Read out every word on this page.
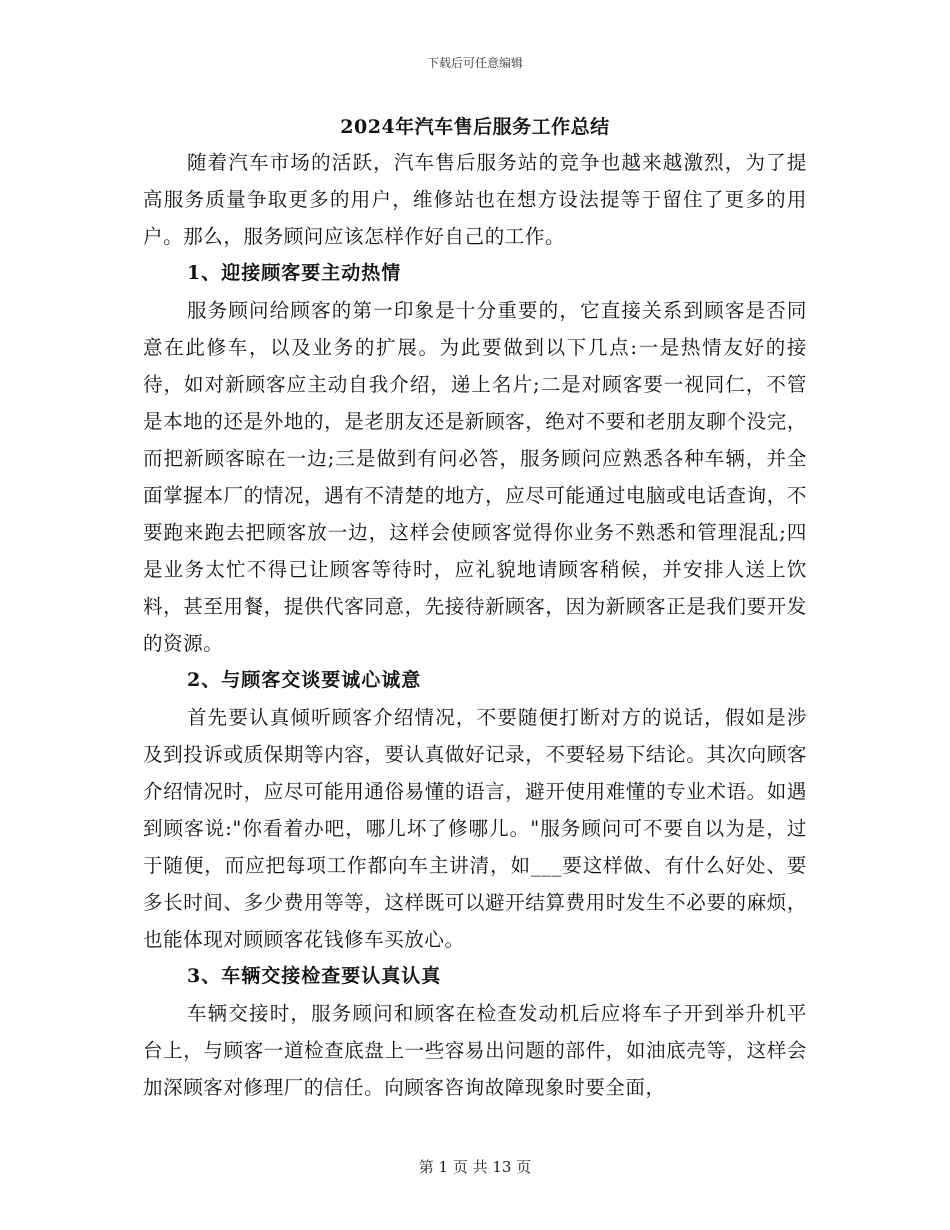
下载后可任意编辑
2024年汽车售后服务工作总结

随着汽车市场的活跃，汽车售后服务站的竞争也越来越激烈，为了提高服务质量争取更多的用户，维修站也在想方设法提等于留住了更多的用户。那么，服务顾问应该怎样作好自己的工作。

1、迎接顾客要主动热情

服务顾问给顾客的第一印象是十分重要的，它直接关系到顾客是否同意在此修车，以及业务的扩展。为此要做到以下几点:一是热情友好的接待，如对新顾客应主动自我介绍，递上名片;二是对顾客要一视同仁，不管是本地的还是外地的，是老朋友还是新顾客，绝对不要和老朋友聊个没完，而把新顾客晾在一边;三是做到有问必答，服务顾问应熟悉各种车辆，并全面掌握本厂的情况，遇有不清楚的地方，应尽可能通过电脑或电话查询，不要跑来跑去把顾客放一边，这样会使顾客觉得你业务不熟悉和管理混乱;四是业务太忙不得已让顾客等待时，应礼貌地请顾客稍候，并安排人送上饮料，甚至用餐，提供代客同意，先接待新顾客，因为新顾客正是我们要开发的资源。

2、与顾客交谈要诚心诚意

首先要认真倾听顾客介绍情况，不要随便打断对方的说话，假如是涉及到投诉或质保期等内容，要认真做好记录，不要轻易下结论。其次向顾客介绍情况时，应尽可能用通俗易懂的语言，避开使用难懂的专业术语。如遇到顾客说:"你看着办吧，哪儿坏了修哪儿。"服务顾问可不要自以为是，过于随便，而应把每项工作都向车主讲清，如___要这样做、有什么好处、要多长时间、多少费用等等，这样既可以避开结算费用时发生不必要的麻烦，也能体现对顾顾客花钱修车买放心。

3、车辆交接检查要认真认真

车辆交接时，服务顾问和顾客在检查发动机后应将车子开到举升机平台上，与顾客一道检查底盘上一些容易出问题的部件，如油底壳等，这样会加深顾客对修理厂的信任。向顾客咨询故障现象时要全面，

第 1 页 共 13 页
